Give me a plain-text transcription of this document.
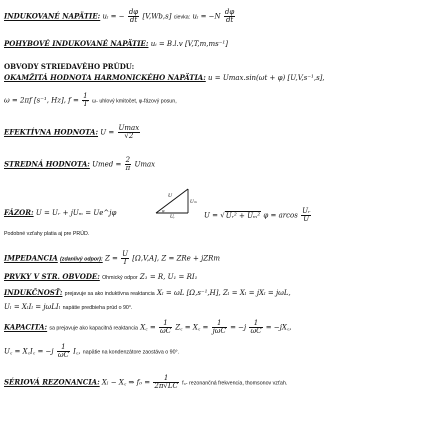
INDUKOVANÉ NAPÄTIE: uᵢ = − $\frac{d\varphi}{dt} [V,Wb,s]$ cievka: uᵢ = $-N \frac{d\varphi}{dt}$
POHYBOVÉ INDUKOVANÉ NAPÄTIE: uᵢ = B.l.v [V,T,m,ms⁻¹]
OBVODY STRIEDAVÉHO PRÚDU:
OKAMŽITÁ HODNOTA HARMONICKÉHO NAPÄTIA: u = Umax.sin(ωt + φ) [U,V,s⁻¹,s],
ω = 2πf [s⁻¹, Hz], $f = \frac{1}{T} \omega-$ uhlový kmitočet, φ-fázový posun,
EFEKTÍVNA HODNOTA: $U = \frac{Umax}{√2}$
STREDNÁ HODNOTA: Umed = $\frac{2}{\pi}$ Umax
FÁZOR: U = Uᵣ + jUₘ = Ue^jφ
U
Uₘ
Uᵣ
φ
U = √Uᵣ² + Uₘ² φ = arcos $\frac{\text{Uᵣ}}{U}$
Podobné vzťahy platia aj pre PRÚD.
IMPEDANCIA (zdanlivý odpor): $Z = \frac{U}{I} [\Omega,V,A]$, Z = ZRe + jZRm
PRVKY V STR. OBVODE: Ohmický odpor Z₁ = R, U₁ = RI₁
INDUKČNOSŤ: prejavuje sa ako induktívna reaktancia Xₗ = ωL [Ω,s⁻¹,H], Zₗ = Xₗ = jXₗ = jωL,
Uₗ = XₗIₗ = jωLIₗ napätie predbieha prúd o 90°.
KAPACITA: sa prejavuje ako kapacitná reaktancia X꜀ = $\frac{1}{\omega C}$ Z꜀ = X꜀ = $\frac{1}{\text{jωC}} = -j \frac{1}{\omega C}$ = −jX꜀,
U꜀ = X꜀I꜀ = $-j \frac{1}{\omega C}$ I꜀, napätie na kondenzátore zaostáva o 90°.
SÉRIOVÁ REZONANCIA: Xₗ − X꜀ ⇒ $f_0 = \frac{1}{2\pi√LC} f_0-$ rezonančná frekvencia, thomsonov vzťah.
